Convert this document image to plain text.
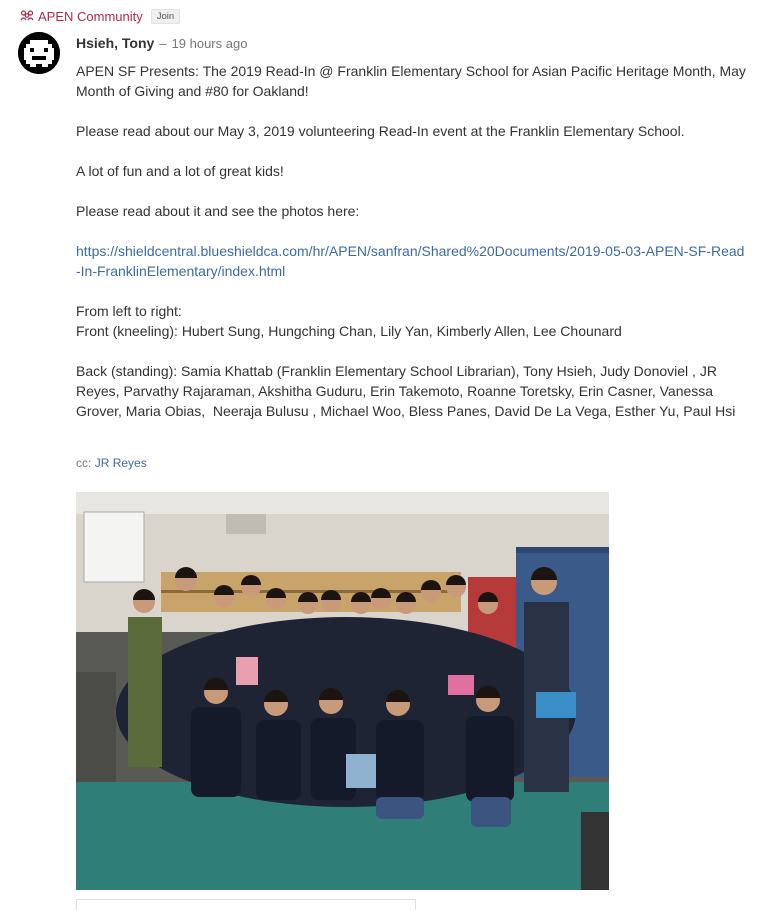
APEN Community	Join
Hsieh, Tony – 19 hours ago

APEN SF Presents: The 2019 Read-In @ Franklin Elementary School for Asian Pacific Heritage Month, May Month of Giving and #80 for Oakland!

Please read about our May 3, 2019 volunteering Read-In event at the Franklin Elementary School.

A lot of fun and a lot of great kids!

Please read about it and see the photos here:

https://shieldcentral.blueshieldca.com/hr/APEN/sanfran/Shared%20Documents/2019-05-03-APEN-SF-Read-In-FranklinElementary/index.html

From left to right:
Front (kneeling): Hubert Sung, Hungching Chan, Lily Yan, Kimberly Allen, Lee Chounard

Back (standing): Samia Khattab (Franklin Elementary School Librarian), Tony Hsieh, Judy Donoviel , JR Reyes, Parvathy Rajaraman, Akshitha Guduru, Erin Takemoto, Roanne Toretsky, Erin Casner, Vanessa Grover, Maria Obias,  Neeraja Bulusu , Michael Woo, Bless Panes, David De La Vega, Esther Yu, Paul Hsi

cc: JR Reyes
